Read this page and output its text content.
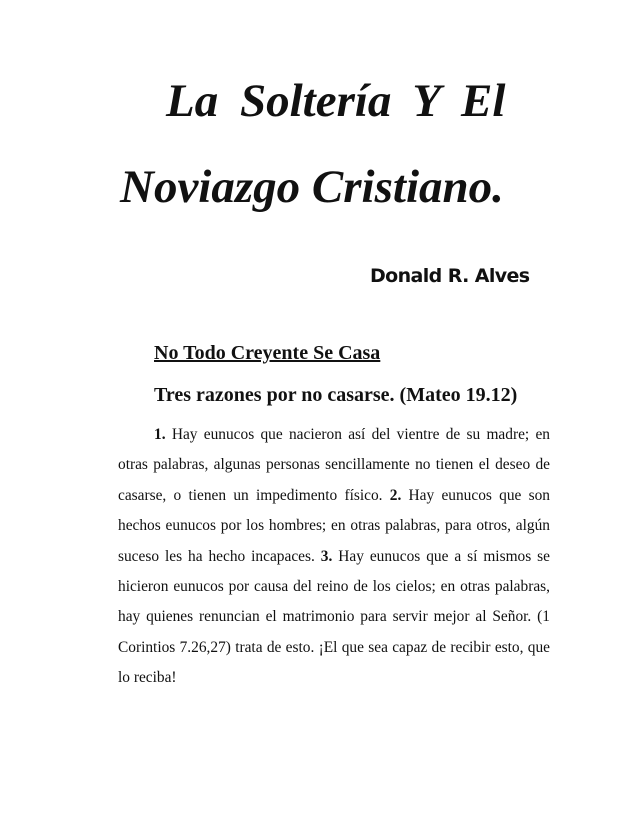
La Soltería Y El
Noviazgo Cristiano.
Donald R. Alves
No Todo Creyente Se Casa
Tres razones por no casarse. (Mateo 19.12)

1. Hay eunucos que nacieron así del vientre de su madre; en otras palabras, algunas personas sencillamente no tienen el deseo de casarse, o tienen un impedimento físico. 2. Hay eunucos que son hechos eunucos por los hombres; en otras palabras, para otros, algún suceso les ha hecho incapaces. 3. Hay eunucos que a sí mismos se hicieron eunucos por causa del reino de los cielos; en otras palabras, hay quienes renuncian el matrimonio para servir mejor al Señor. (1 Corintios 7.26,27) trata de esto. ¡El que sea capaz de recibir esto, que lo reciba!
